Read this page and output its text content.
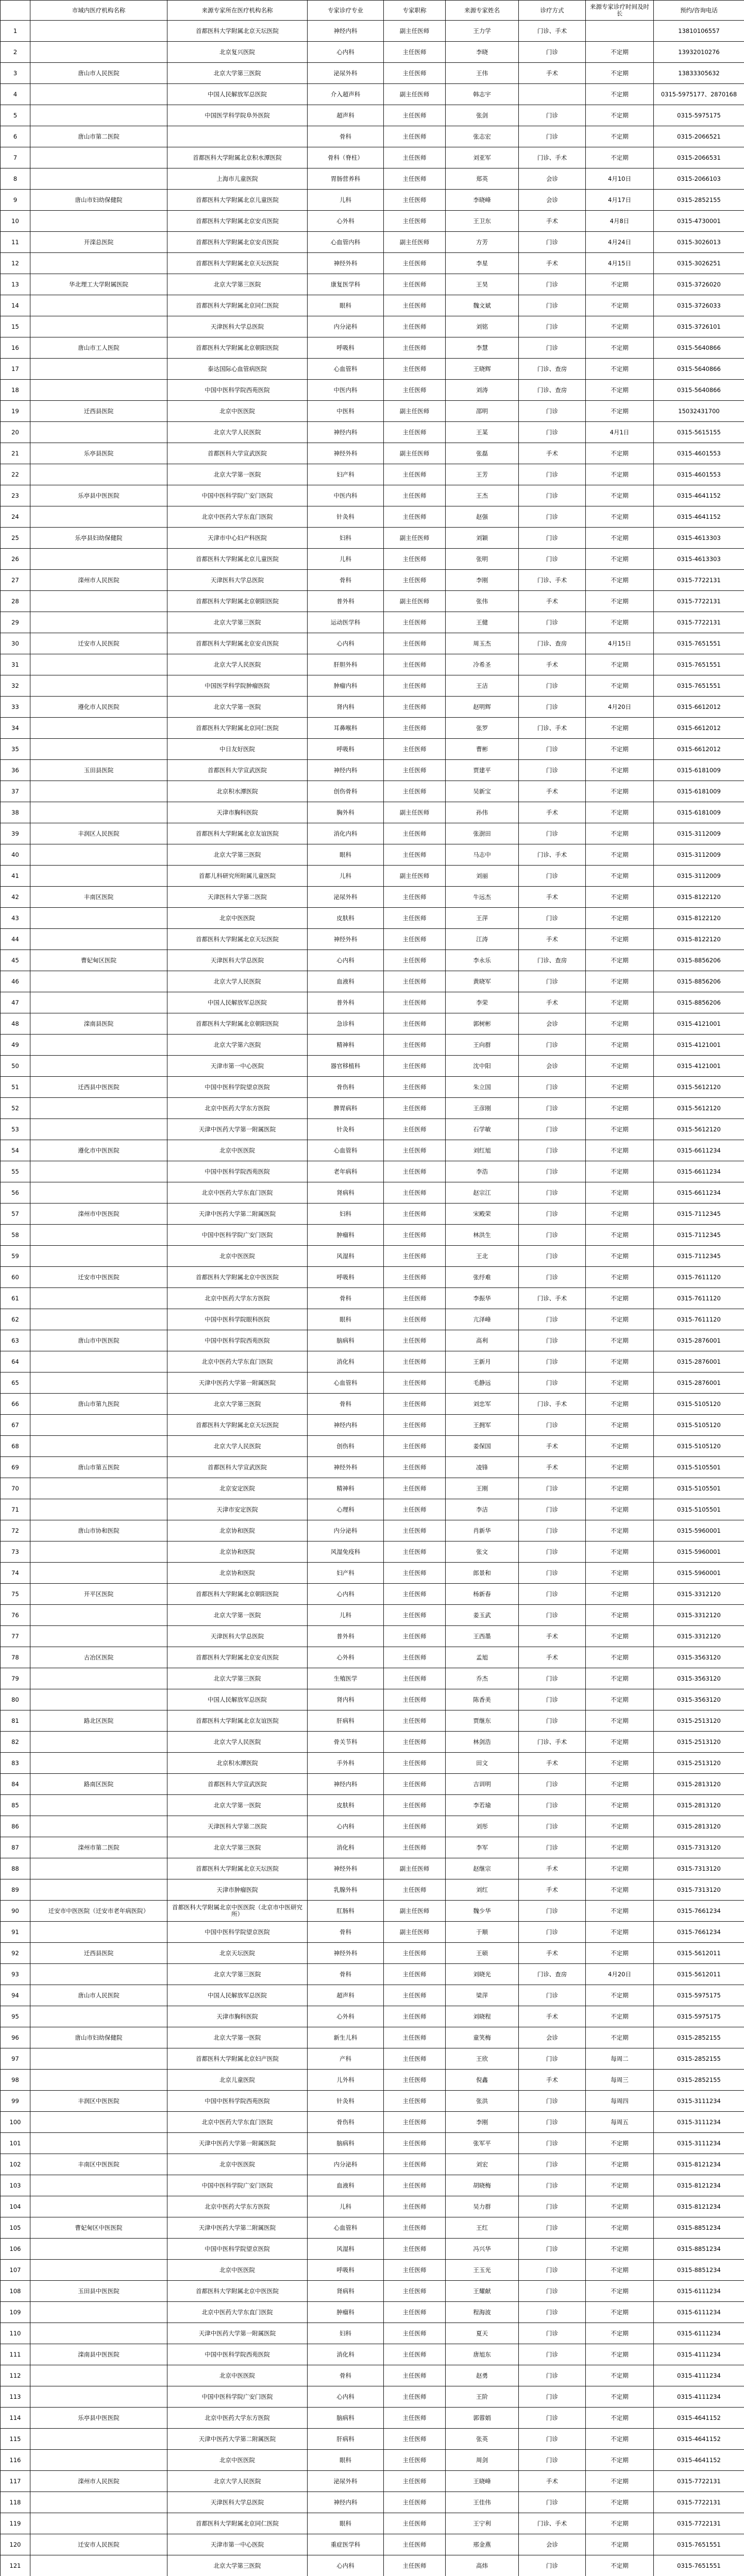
	市域内医疗机构名称	来源专家所在医疗机构名称	专家诊疗专业	专家职称	来源专家姓名	诊疗方式	来源专家诊疗时间及时长	预约/咨询电话
1		首都医科大学附属北京天坛医院	神经内科	副主任医师	王力学	门诊、手术		13810106557
2		北京复兴医院	心内科	主任医师	李晓	门诊	不定期	13932010276
3	唐山市人民医院	北京大学第三医院	泌尿外科	主任医师	王伟	手术	不定期	13833305632
4		中国人民解放军总医院	介入超声科	副主任医师	韩志宇		不定期	0315-5975177、2870168
5		中国医学科学院阜外医院	超声科	主任医师	张剑	门诊	不定期	0315-5975175
6	唐山市第二医院		骨科	主任医师	张志宏	门诊	不定期	0315-2066521
7		首都医科大学附属北京积水潭医院	骨科（脊柱）	主任医师	刘亚军	门诊、手术	不定期	0315-2066531
8		上海市儿童医院	胃肠营养科	主任医师	郑英	会诊	4月10日	0315-2066103
9	唐山市妇幼保健院	首都医科大学附属北京儿童医院	儿科	主任医师	李晓峰	会诊	4月17日	0315-2852155
10		首都医科大学附属北京安贞医院	心外科	主任医师	王卫东	手术	4月8日	0315-4730001
11	开滦总医院	首都医科大学附属北京安贞医院	心血管内科	副主任医师	方芳	门诊	4月24日	0315-3026013
12		首都医科大学附属北京天坛医院	神经外科	主任医师	李星	手术	4月15日	0315-3026251
13	华北理工大学附属医院	北京大学第三医院	康复医学科	主任医师	王昊	门诊	不定期	0315-3726020
14		首都医科大学附属北京同仁医院	眼科	主任医师	魏文斌	门诊	不定期	0315-3726033
15		天津医科大学总医院	内分泌科	主任医师	刘铭	门诊	不定期	0315-3726101
16	唐山市工人医院	首都医科大学附属北京朝阳医院	呼吸科	主任医师	李慧	门诊	不定期	0315-5640866
17		泰达国际心血管病医院	心血管科	主任医师	王晓辉	门诊、查房	不定期	0315-5640866
18		中国中医科学院西苑医院	中医内科	主任医师	刘涛	门诊、查房	不定期	0315-5640866
19	迁西县医院	北京中医医院	中医科	副主任医师	邵明	门诊	不定期	15032431700
20		北京大学人民医院	神经内科	主任医师	王某	门诊	4月1日	0315-5615155
21	乐亭县医院	首都医科大学宣武医院	神经外科	副主任医师	张磊	手术	不定期	0315-4601553
22		北京大学第一医院	妇产科	主任医师	王芳	门诊	不定期	0315-4601553
23	乐亭县中医医院	中国中医科学院广安门医院	中医内科	主任医师	王杰	门诊	不定期	0315-4641152
24		北京中医药大学东直门医院	针灸科	主任医师	赵强	门诊	不定期	0315-4641152
25	乐亭县妇幼保健院	天津市中心妇产科医院	妇科	副主任医师	刘颖	门诊	不定期	0315-4613303
26		首都医科大学附属北京儿童医院	儿科	主任医师	张明	门诊	不定期	0315-4613303
27	滦州市人民医院	天津医科大学总医院	骨科	主任医师	李刚	门诊、手术	不定期	0315-7722131
28		首都医科大学附属北京朝阳医院	普外科	副主任医师	张伟	手术	不定期	0315-7722131
29		北京大学第三医院	运动医学科	主任医师	王健	门诊	不定期	0315-7722131
30	迁安市人民医院	首都医科大学附属北京安贞医院	心内科	主任医师	周玉杰	门诊、查房	4月15日	0315-7651551
31		北京大学人民医院	肝胆外科	主任医师	冷希圣	手术	不定期	0315-7651551
32		中国医学科学院肿瘤医院	肿瘤内科	主任医师	王洁	门诊	不定期	0315-7651551
33	遵化市人民医院	北京大学第一医院	肾内科	主任医师	赵明辉	门诊	4月20日	0315-6612012
34		首都医科大学附属北京同仁医院	耳鼻喉科	主任医师	张罗	门诊、手术	不定期	0315-6612012
35		中日友好医院	呼吸科	主任医师	曹彬	门诊	不定期	0315-6612012
36	玉田县医院	首都医科大学宣武医院	神经内科	主任医师	贾建平	门诊	不定期	0315-6181009
37		北京积水潭医院	创伤骨科	主任医师	吴新宝	手术	不定期	0315-6181009
38		天津市胸科医院	胸外科	副主任医师	孙伟	手术	不定期	0315-6181009
39	丰润区人民医院	首都医科大学附属北京友谊医院	消化内科	主任医师	张澍田	门诊	不定期	0315-3112009
40		北京大学第三医院	眼科	主任医师	马志中	门诊、手术	不定期	0315-3112009
41		首都儿科研究所附属儿童医院	儿科	副主任医师	刘丽	门诊	不定期	0315-3112009
42	丰南区医院	天津医科大学第二医院	泌尿外科	主任医师	牛远杰	手术	不定期	0315-8122120
43		北京中医医院	皮肤科	主任医师	王萍	门诊	不定期	0315-8122120
44		首都医科大学附属北京天坛医院	神经外科	主任医师	江涛	手术	不定期	0315-8122120
45	曹妃甸区医院	天津医科大学总医院	心内科	主任医师	李永乐	门诊、查房	不定期	0315-8856206
46		北京大学人民医院	血液科	主任医师	黄晓军	门诊	不定期	0315-8856206
47		中国人民解放军总医院	普外科	主任医师	李荣	手术	不定期	0315-8856206
48	滦南县医院	首都医科大学附属北京朝阳医院	急诊科	主任医师	郭树彬	会诊	不定期	0315-4121001
49		北京大学第六医院	精神科	主任医师	王向群	门诊	不定期	0315-4121001
50		天津市第一中心医院	器官移植科	主任医师	沈中阳	会诊	不定期	0315-4121001
51	迁西县中医医院	中国中医科学院望京医院	骨伤科	主任医师	朱立国	门诊	不定期	0315-5612120
52		北京中医药大学东方医院	脾胃病科	主任医师	王彦刚	门诊	不定期	0315-5612120
53		天津中医药大学第一附属医院	针灸科	主任医师	石学敏	门诊	不定期	0315-5612120
54	遵化市中医医院	北京中医医院	心血管科	主任医师	刘红旭	门诊	不定期	0315-6611234
55		中国中医科学院西苑医院	老年病科	主任医师	李浩	门诊	不定期	0315-6611234
56		北京中医药大学东直门医院	肾病科	主任医师	赵宗江	门诊	不定期	0315-6611234
57	滦州市中医医院	天津中医药大学第二附属医院	妇科	主任医师	宋殿荣	门诊	不定期	0315-7112345
58		中国中医科学院广安门医院	肿瘤科	主任医师	林洪生	门诊	不定期	0315-7112345
59		北京中医医院	风湿科	主任医师	王北	门诊	不定期	0315-7112345
60	迁安市中医医院	首都医科大学附属北京中医医院	呼吸科	主任医师	张纾难	门诊	不定期	0315-7611120
61		北京中医药大学东方医院	骨科	主任医师	李振华	门诊、手术	不定期	0315-7611120
62		中国中医科学院眼科医院	眼科	主任医师	亢泽峰	门诊	不定期	0315-7611120
63	唐山市中医医院	中国中医科学院西苑医院	脑病科	主任医师	高利	门诊	不定期	0315-2876001
64		北京中医药大学东直门医院	消化科	主任医师	王新月	门诊	不定期	0315-2876001
65		天津中医药大学第一附属医院	心血管科	主任医师	毛静远	门诊	不定期	0315-2876001
66	唐山市第九医院	北京大学第三医院	骨科	主任医师	刘忠军	门诊、手术	不定期	0315-5105120
67		首都医科大学附属北京天坛医院	神经内科	主任医师	王拥军	门诊	不定期	0315-5105120
68		北京大学人民医院	创伤科	主任医师	姜保国	手术	不定期	0315-5105120
69	唐山市第五医院	首都医科大学宣武医院	神经外科	主任医师	凌锋	手术	不定期	0315-5105501
70		北京安定医院	精神科	主任医师	王刚	门诊	不定期	0315-5105501
71		天津市安定医院	心理科	主任医师	李洁	门诊	不定期	0315-5105501
72	唐山市协和医院	北京协和医院	内分泌科	主任医师	肖新华	门诊	不定期	0315-5960001
73		北京协和医院	风湿免疫科	主任医师	张文	门诊	不定期	0315-5960001
74		北京协和医院	妇产科	主任医师	郎景和	门诊	不定期	0315-5960001
75	开平区医院	首都医科大学附属北京朝阳医院	心内科	主任医师	杨新春	门诊	不定期	0315-3312120
76		北京大学第一医院	儿科	主任医师	姜玉武	门诊	不定期	0315-3312120
77		天津医科大学总医院	普外科	主任医师	王西墨	手术	不定期	0315-3312120
78	古冶区医院	首都医科大学附属北京安贞医院	心外科	主任医师	孟旭	手术	不定期	0315-3563120
79		北京大学第三医院	生殖医学	主任医师	乔杰	门诊	不定期	0315-3563120
80		中国人民解放军总医院	肾内科	主任医师	陈香美	门诊	不定期	0315-3563120
81	路北区医院	首都医科大学附属北京友谊医院	肝病科	主任医师	贾继东	门诊	不定期	0315-2513120
82		北京大学人民医院	骨关节科	主任医师	林剑浩	门诊、手术	不定期	0315-2513120
83		北京积水潭医院	手外科	主任医师	田文	手术	不定期	0315-2513120
84	路南区医院	首都医科大学宣武医院	神经内科	主任医师	吉训明	门诊	不定期	0315-2813120
85		北京大学第一医院	皮肤科	主任医师	李若瑜	门诊	不定期	0315-2813120
86		天津医科大学第二医院	心内科	主任医师	刘彤	门诊	不定期	0315-2813120
87	滦州市第二医院	北京大学第三医院	消化科	主任医师	李军	门诊	不定期	0315-7313120
88		首都医科大学附属北京天坛医院	神经外科	副主任医师	赵继宗	手术	不定期	0315-7313120
89		天津市肿瘤医院	乳腺外科	主任医师	刘红	手术	不定期	0315-7313120
90	迁安市中医医院（迁安市老年病医院）	首都医科大学附属北京中医医院（北京市中医研究所）	肛肠科	副主任医师	魏少华	门诊	不定期	0315-7661234
91		中国中医科学院望京医院	骨科	副主任医师	于顺	门诊	不定期	0315-7661234
92	迁西县医院	北京天坛医院	神经外科	主任医师	王硕	手术	不定期	0315-5612011
93		北京大学第三医院	骨科	主任医师	刘晓光	门诊、查房	4月20日	0315-5612011
94	唐山市人民医院	中国人民解放军总医院	超声科	主任医师	梁萍	门诊	不定期	0315-5975175
95		天津市胸科医院	心外科	主任医师	刘晓程	手术	不定期	0315-5975175
96	唐山市妇幼保健院	北京大学第一医院	新生儿科	主任医师	童笑梅	会诊	不定期	0315-2852155
97		首都医科大学附属北京妇产医院	产科	主任医师	王欣	门诊	每周二	0315-2852155
98		北京儿童医院	儿外科	主任医师	倪鑫	手术	每周三	0315-2852155
99	丰润区中医医院	中国中医科学院西苑医院	针灸科	主任医师	张洪	门诊	每周四	0315-3111234
100		北京中医药大学东直门医院	骨伤科	主任医师	李刚	门诊	每周五	0315-3111234
101		天津中医药大学第一附属医院	脑病科	主任医师	张军平	门诊	不定期	0315-3111234
102	丰南区中医医院	北京中医医院	内分泌科	主任医师	刘宏	门诊	不定期	0315-8121234
103		中国中医科学院广安门医院	血液科	主任医师	胡晓梅	门诊	不定期	0315-8121234
104		北京中医药大学东方医院	儿科	主任医师	吴力群	门诊	不定期	0315-8121234
105	曹妃甸区中医医院	天津中医药大学第二附属医院	心血管科	主任医师	王红	门诊	不定期	0315-8851234
106		中国中医科学院望京医院	风湿科	主任医师	冯兴华	门诊	不定期	0315-8851234
107		北京中医医院	呼吸科	主任医师	王玉光	门诊	不定期	0315-8851234
108	玉田县中医医院	首都医科大学附属北京中医医院	肾病科	主任医师	王耀献	门诊	不定期	0315-6111234
109		北京中医药大学东直门医院	肿瘤科	主任医师	程海波	门诊	不定期	0315-6111234
110		天津中医药大学第一附属医院	妇科	主任医师	夏天	门诊	不定期	0315-6111234
111	滦南县中医医院	中国中医科学院西苑医院	消化科	主任医师	唐旭东	门诊	不定期	0315-4111234
112		北京中医医院	骨科	主任医师	赵勇	门诊	不定期	0315-4111234
113		中国中医科学院广安门医院	心内科	主任医师	王阶	门诊	不定期	0315-4111234
114	乐亭县中医医院	北京中医药大学东方医院	脑病科	主任医师	郭蓉娟	门诊	不定期	0315-4641152
115		天津中医药大学第二附属医院	肝病科	主任医师	张英	门诊	不定期	0315-4641152
116		北京中医医院	眼科	主任医师	周剑	门诊	不定期	0315-4641152
117	滦州市人民医院	北京大学人民医院	泌尿外科	主任医师	王晓峰	手术	不定期	0315-7722131
118		天津医科大学总医院	神经内科	主任医师	王佳伟	门诊	不定期	0315-7722131
119		首都医科大学附属北京同仁医院	眼科	主任医师	王宁利	门诊、手术	不定期	0315-7722131
120	迁安市人民医院	天津市第一中心医院	重症医学科	主任医师	邢金燕	会诊	不定期	0315-7651551
121		北京大学第三医院	心内科	主任医师	高炜	门诊	不定期	0315-7651551
